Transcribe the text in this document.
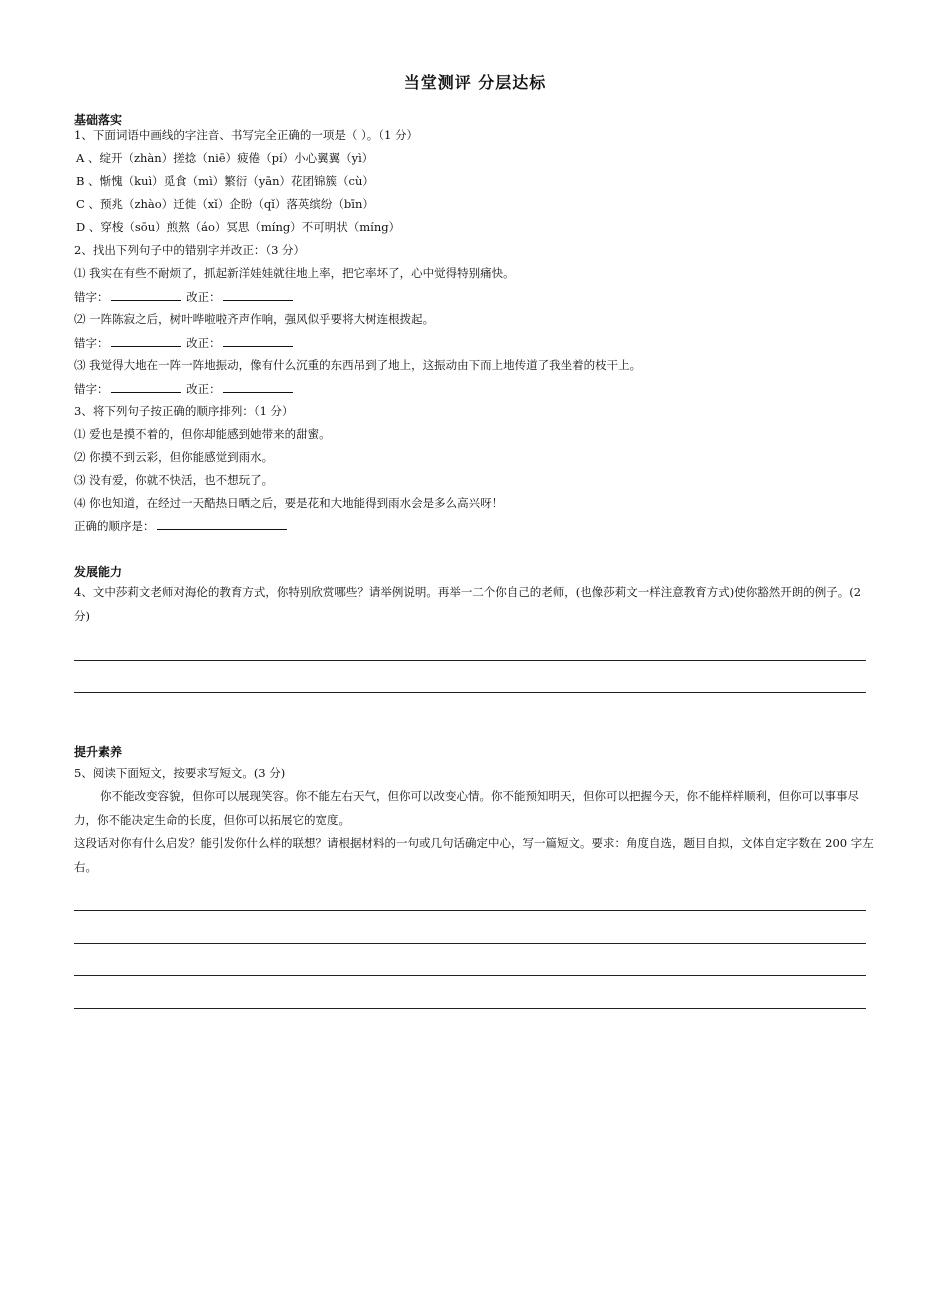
当堂测评 分层达标
基础落实
1、下面词语中画线的字注音、书写完全正确的一项是（ ）。（1 分）
A 、绽开（zhàn）搓捻（niē）疲倦（pí）小心翼翼（yì）
B 、惭愧（kuì）觅食（mì）繁衍（yān）花团锦簇（cù）
C 、预兆（zhào）迁徙（xǐ）企盼（qǐ）落英缤纷（bīn）
D 、穿梭（sōu）煎熬（áo）冥思（míng）不可明状（míng）
2、找出下列句子中的错别字并改正：（3 分）
⑴ 我实在有些不耐烦了，抓起新洋娃娃就往地上率，把它率坏了，心中觉得特别痛快。
错字：	改正：
⑵ 一阵陈寂之后，树叶哗啦啦齐声作响，强风似乎要将大树连根拨起。
错字：	改正：
⑶ 我觉得大地在一阵一阵地振动，像有什么沉重的东西吊到了地上，这振动由下而上地传道了我坐着的枝干上。
错字：	改正：
3、将下列句子按正确的顺序排列：（1 分）
⑴ 爱也是摸不着的，但你却能感到她带来的甜蜜。
⑵ 你摸不到云彩，但你能感觉到雨水。
⑶ 没有爱，你就不快活，也不想玩了。
⑷ 你也知道，在经过一天酷热日晒之后，要是花和大地能得到雨水会是多么高兴呀！
正确的顺序是：
发展能力
4、文中莎莉文老师对海伦的教育方式，你特别欣赏哪些？请举例说明。再举一二个你自己的老师，(也像莎莉文一样注意教育方式)使你豁然开朗的例子。(2 分)
提升素养
5、阅读下面短文，按要求写短文。(3 分)
你不能改变容貌，但你可以展现笑容。你不能左右天气，但你可以改变心情。你不能预知明天，但你可以把握今天，你不能样样顺利，但你可以事事尽力，你不能决定生命的长度，但你可以拓展它的宽度。
这段话对你有什么启发？能引发你什么样的联想？请根据材料的一句或几句话确定中心，写一篇短文。要求：角度自选，题目自拟，文体自定字数在 200 字左右。
